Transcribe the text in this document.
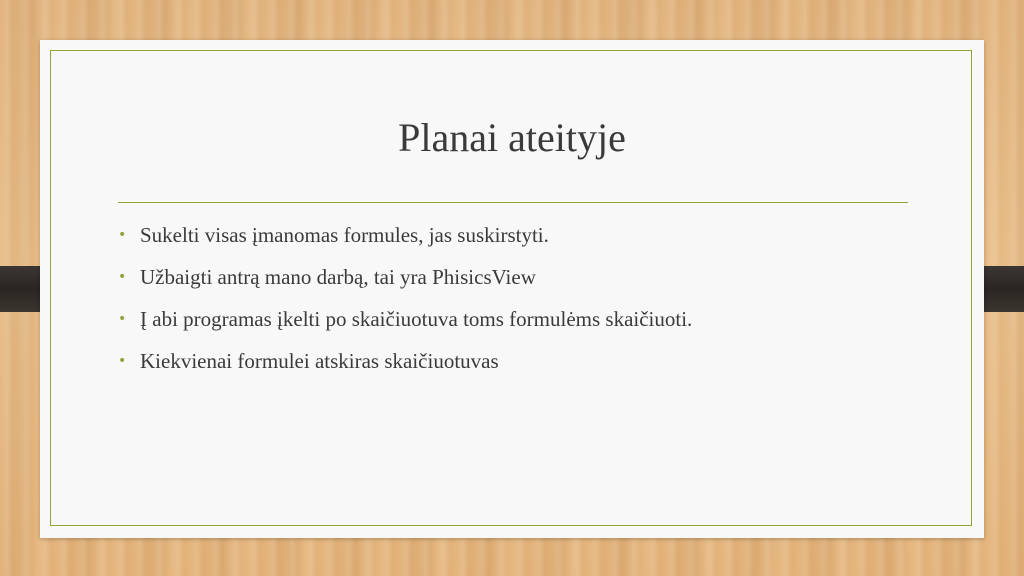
Planai ateityje
• Sukelti visas įmanomas formules, jas suskirstyti.
• Užbaigti antrą mano darbą, tai yra PhisicsView
• Į abi programas įkelti po skaičiuotuva toms formulėms skaičiuoti.
• Kiekvienai formulei atskiras skaičiuotuvas
